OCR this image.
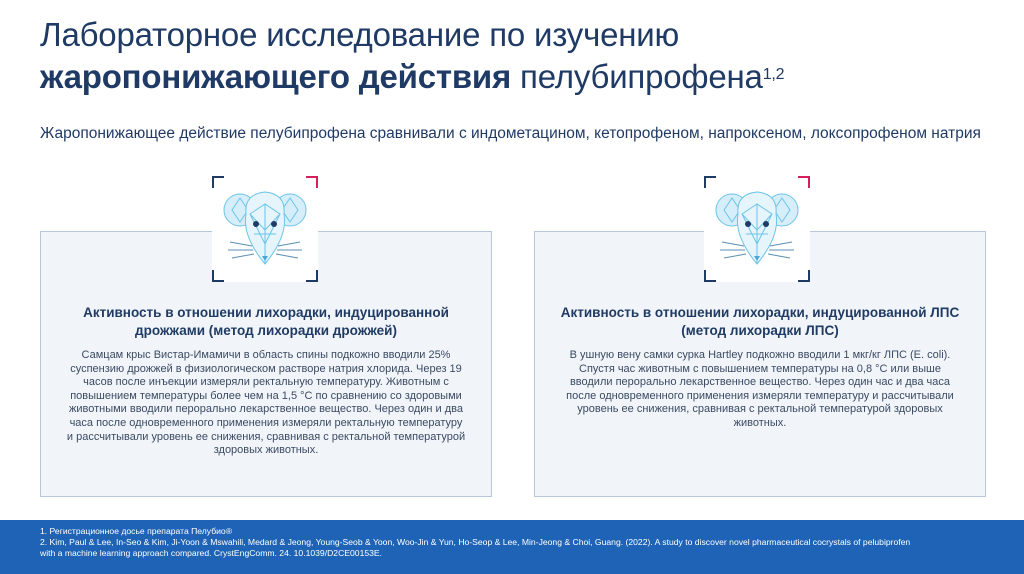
Лабораторное исследование по изучению
жаропонижающего действия пелубипрофена$^{1,2}$
Жаропонижающее действие пелубипрофена сравнивали с индометацином, кетопрофеном, напроксеном, локсопрофеном натрия
Активность в отношении лихорадки, индуцированной дрожжами (метод лихорадки дрожжей)
Самцам крыс Вистар-Имамичи в область спины подкожно вводили 25% суспензию дрожжей в физиологическом растворе натрия хлорида. Через 19 часов после инъекции измеряли ректальную температуру. Животным с повышением температуры более чем на 1,5 °С по сравнению со здоровыми животными вводили перорально лекарственное вещество. Через один и два часа после одновременного применения измеряли ректальную температуру и рассчитывали уровень ее снижения, сравнивая с ректальной температурой здоровых животных.
Активность в отношении лихорадки, индуцированной ЛПС (метод лихорадки ЛПС)
В ушную вену самки сурка Hartley подкожно вводили 1 мкг/кг ЛПС (E. coli). Спустя час животным с повышением температуры на 0,8 °С или выше вводили перорально лекарственное вещество. Через один час и два часа после одновременного применения измеряли температуру и рассчитывали уровень ее снижения, сравнивая с ректальной температурой здоровых животных.

1. Регистрационное досье препарата Пелубио®

2. Kim, Paul & Lee, In-Seo & Kim, Ji-Yoon & Mswahili, Medard & Jeong, Young-Seob & Yoon, Woo-Jin & Yun, Ho-Seop & Lee, Min-Jeong & Choi, Guang. (2022). A study to discover novel pharmaceutical cocrystals of pelubiprofen

with a machine learning approach compared. CrystEngComm. 24. 10.1039/D2CE00153E.
